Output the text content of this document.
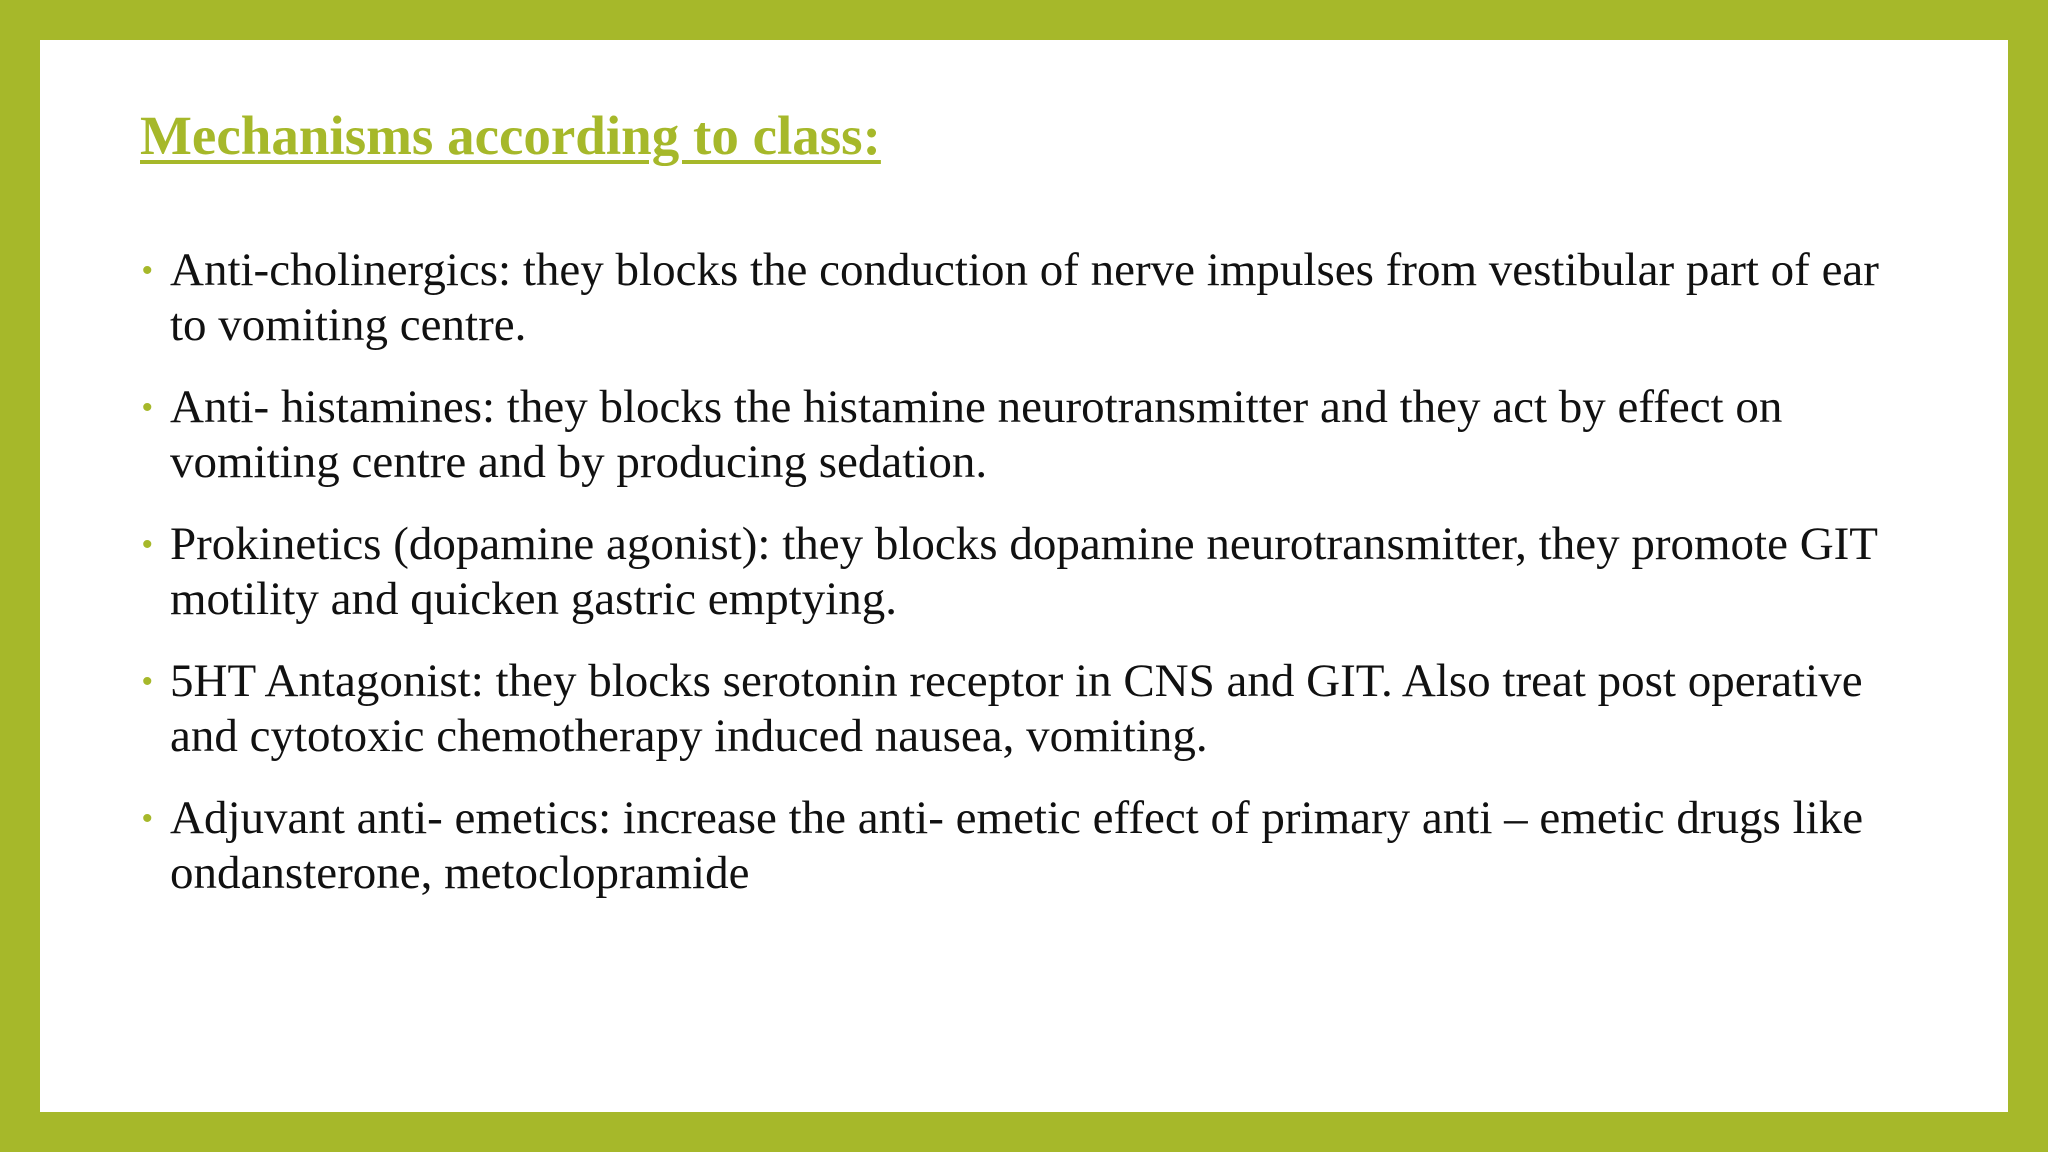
Mechanisms according to class:
• Anti-cholinergics: they blocks the conduction of nerve impulses from vestibular part of ear to vomiting centre.
• Anti- histamines: they blocks the histamine neurotransmitter and they act by effect on vomiting centre and by producing sedation.
• Prokinetics (dopamine agonist): they blocks dopamine neurotransmitter, they promote GIT motility and quicken gastric emptying.
• 5HT Antagonist: they blocks serotonin receptor in CNS and GIT. Also treat post operative and cytotoxic chemotherapy induced nausea, vomiting.
• Adjuvant anti- emetics: increase the anti- emetic effect of primary anti – emetic drugs like ondansterone, metoclopramide
